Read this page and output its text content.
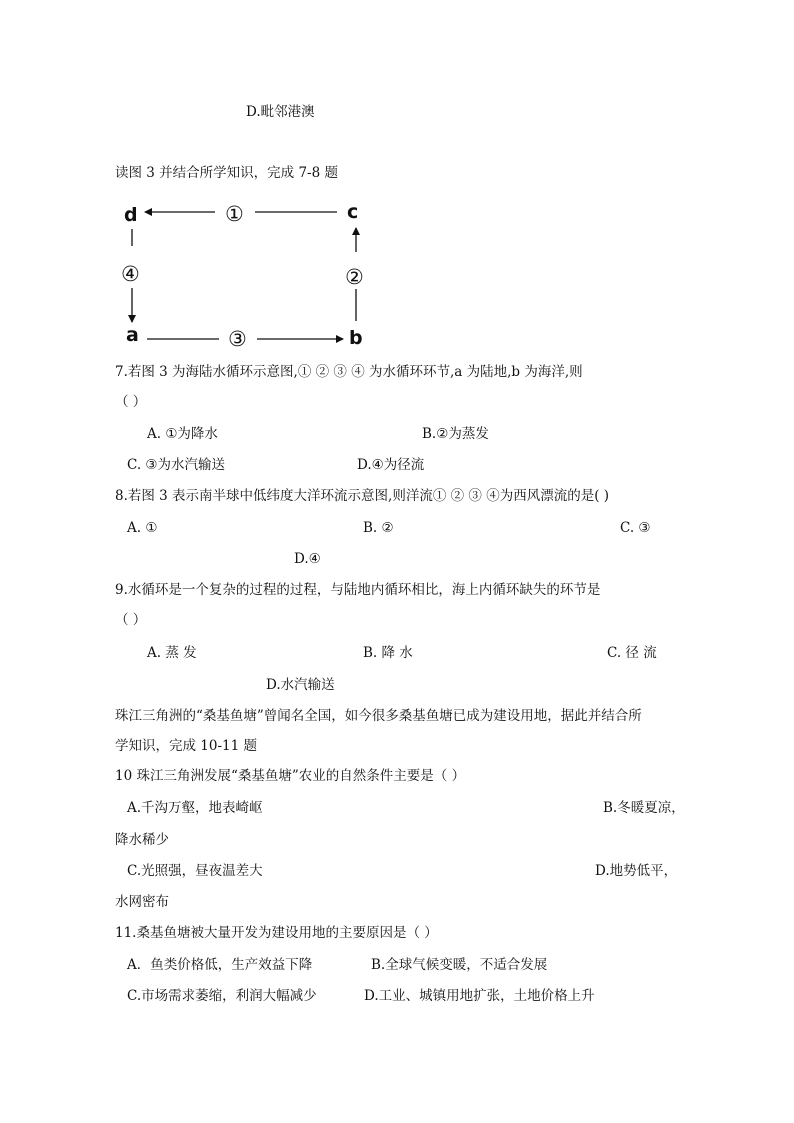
D.毗邻港澳
读图 3 并结合所学知识，完成 7-8 题
d	c
a	b
①
②
③
④
7.若图 3 为海陆水循环示意图,① ② ③ ④ 为水循环环节,a 为陆地,b 为海洋,则
（ ）
A. ①为降水	B.②为蒸发
C. ③为水汽输送	D.④为径流
8.若图 3 表示南半球中低纬度大洋环流示意图,则洋流① ② ③ ④为西风漂流的是( )
A. ①	B. ②	C. ③
D.④
9.水循环是一个复杂的过程的过程，与陆地内循环相比，海上内循环缺失的环节是
（ ）
A. 蒸 发	B. 降 水	C. 径 流
D.水汽输送
珠江三角洲的“桑基鱼塘”曾闻名全国，如今很多桑基鱼塘已成为建设用地，据此并结合所
学知识，完成 10-11 题
10 珠江三角洲发展“桑基鱼塘”农业的自然条件主要是（ ）
A.千沟万壑，地表崎岖	B.冬暖夏凉，
降水稀少
C.光照强，昼夜温差大	D.地势低平，
水网密布
11.桑基鱼塘被大量开发为建设用地的主要原因是（ ）
A．鱼类价格低，生产效益下降	B.全球气候变暖，不适合发展
C.市场需求萎缩，利润大幅减少	D.工业、城镇用地扩张，土地价格上升
